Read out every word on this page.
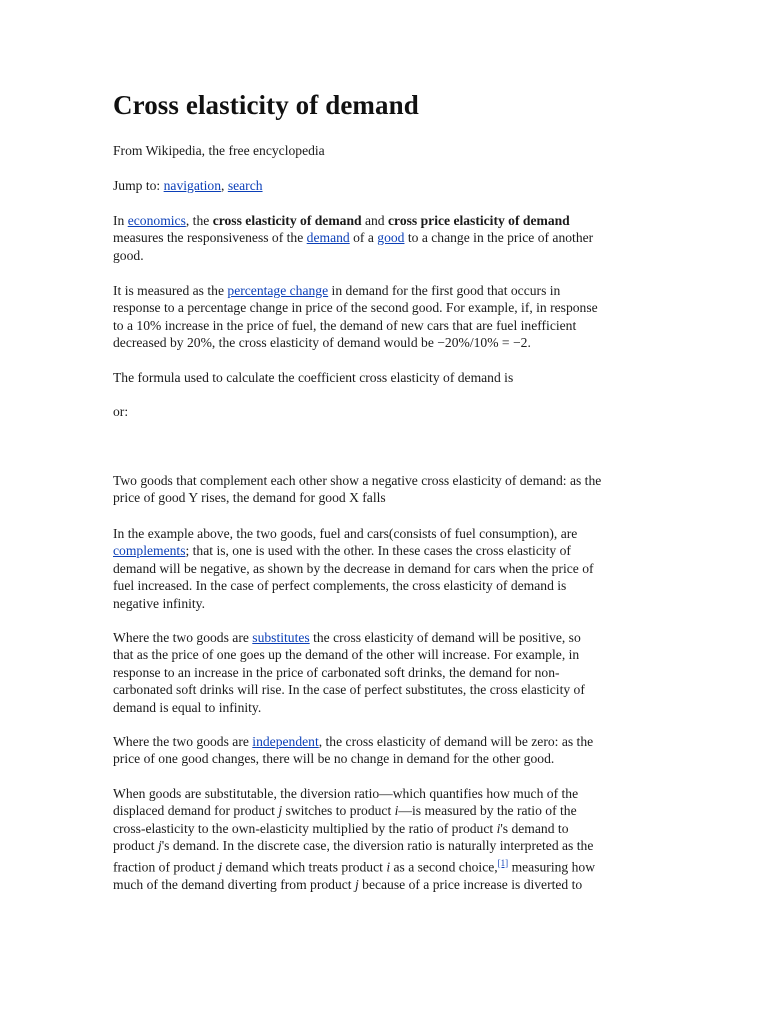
Cross elasticity of demand

From Wikipedia, the free encyclopedia

Jump to: navigation, search

In economics, the cross elasticity of demand and cross price elasticity of demand
measures the responsiveness of the demand of a good to a change in the price of another
good.
It is measured as the percentage change in demand for the first good that occurs in
response to a percentage change in price of the second good. For example, if, in response
to a 10% increase in the price of fuel, the demand of new cars that are fuel inefficient
decreased by 20%, the cross elasticity of demand would be −20%/10% = −2.

The formula used to calculate the coefficient cross elasticity of demand is

or:

Two goods that complement each other show a negative cross elasticity of demand: as the
price of good Y rises, the demand for good X falls
In the example above, the two goods, fuel and cars(consists of fuel consumption), are
complements; that is, one is used with the other. In these cases the cross elasticity of
demand will be negative, as shown by the decrease in demand for cars when the price of
fuel increased. In the case of perfect complements, the cross elasticity of demand is
negative infinity.
Where the two goods are substitutes the cross elasticity of demand will be positive, so
that as the price of one goes up the demand of the other will increase. For example, in
response to an increase in the price of carbonated soft drinks, the demand for non-
carbonated soft drinks will rise. In the case of perfect substitutes, the cross elasticity of
demand is equal to infinity.
Where the two goods are independent, the cross elasticity of demand will be zero: as the
price of one good changes, there will be no change in demand for the other good.
When goods are substitutable, the diversion ratio—which quantifies how much of the
displaced demand for product j switches to product i—is measured by the ratio of the
cross-elasticity to the own-elasticity multiplied by the ratio of product i's demand to
product j's demand. In the discrete case, the diversion ratio is naturally interpreted as the
fraction of product j demand which treats product i as a second choice,[1] measuring how
much of the demand diverting from product j because of a price increase is diverted to
